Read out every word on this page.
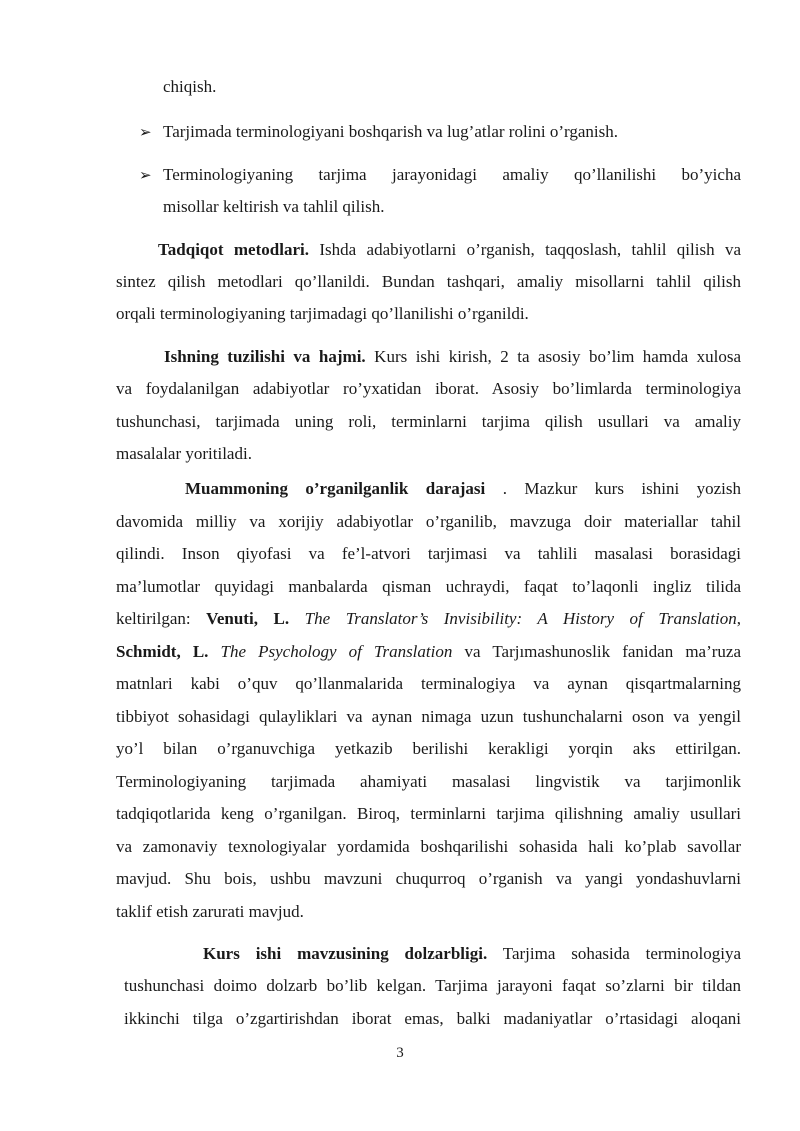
chiqish.
➢ Tarjimada terminologiyani boshqarish va lug’atlar rolini o’rganish.
➢ Terminologiyaning tarjima jarayonidagi amaliy qo’llanilishi bo’yicha
misollar keltirish va tahlil qilish.
Tadqiqot metodlari. Ishda adabiyotlarni o’rganish, taqqoslash, tahlil qilish va
sintez qilish metodlari qo’llanildi. Bundan tashqari, amaliy misollarni tahlil qilish
orqali terminologiyaning tarjimadagi qo’llanilishi o’rganildi.
Ishning tuzilishi va hajmi. Kurs ishi kirish, 2 ta asosiy bo’lim hamda xulosa
va foydalanilgan adabiyotlar ro’yxatidan iborat. Asosiy bo’limlarda terminologiya
tushunchasi, tarjimada uning roli, terminlarni tarjima qilish usullari va amaliy
masalalar yoritiladi.
Muammoning o’rganilganlik darajasi . Mazkur kurs ishini yozish
davomida milliy va xorijiy adabiyotlar o’rganilib, mavzuga doir materiallar tahil
qilindi. Inson qiyofasi va fe’l-atvori tarjimasi va tahlili masalasi borasidagi
ma’lumotlar quyidagi manbalarda qisman uchraydi, faqat to’laqonli ingliz tilida
keltirilgan: Venuti, L. The Translator’s Invisibility: A History of Translation,
Schmidt, L. The Psychology of Translation va Tarjımashunoslik fanidan ma’ruza
matnlari kabi o’quv qo’llanmalarida terminalogiya va aynan qisqartmalarning
tibbiyot sohasidagi qulayliklari va aynan nimaga uzun tushunchalarni oson va yengil
yo’l bilan o’rganuvchiga yetkazib berilishi kerakligi yorqin aks ettirilgan.
Terminologiyaning tarjimada ahamiyati masalasi lingvistik va tarjimonlik
tadqiqotlarida keng o’rganilgan. Biroq, terminlarni tarjima qilishning amaliy usullari
va zamonaviy texnologiyalar yordamida boshqarilishi sohasida hali ko’plab savollar
mavjud. Shu bois, ushbu mavzuni chuqurroq o’rganish va yangi yondashuvlarni
taklif etish zarurati mavjud.
Kurs ishi mavzusining dolzarbligi. Tarjima sohasida terminologiya
tushunchasi doimo dolzarb bo’lib kelgan. Tarjima jarayoni faqat so’zlarni bir tildan
ikkinchi tilga o’zgartirishdan iborat emas, balki madaniyatlar o’rtasidagi aloqani
3
